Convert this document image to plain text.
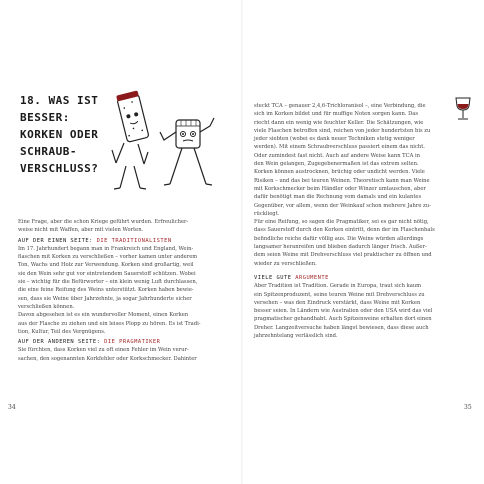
18. WAS IST
BESSER:
KORKEN ODER
SCHRAUB-
VERSCHLUSS?

Eine Frage, aber die schon Kriege geführt wurden. Erfreulicher-

weise nicht mit Waffen, aber mit vielen Worten.

AUF DER EINEN SEITE: DIE TRADITIONALISTEN

Im 17. Jahrhundert begann man in Frankreich und England, Wein-

flaschen mit Korken zu verschließen – vorher kamen unter anderem

Ton, Wachs und Holz zur Verwendung. Korken sind großartig, weil

sie den Wein sehr gut vor eintretendem Sauerstoff schützen. Wobei

sie – wichtig für die Befürworter – ein klein wenig Luft durchlassen,

die eine feine Reifung des Weins unterstützt. Korken haben bewie-

sen, dass sie Weine über Jahrzehnte, ja sogar Jahrhunderte sicher

verschließen können.

Davon abgesehen ist es ein wundervoller Moment, einen Korken

aus der Flasche zu ziehen und ein leises Plopp zu hören. Es ist Tradi-

tion, Kultur, Teil des Vergnügens.

AUF DER ANDEREN SEITE: DIE PRAGMATIKER

Sie fürchten, dass Korken viel zu oft einen Fehler im Wein verur-

sachen, den sogenannten Korkfehler oder Korkschmecker. Dahinter

34

steckt TCA – genauer 2,4,6-Trichloranisol –, eine Verbindung, die

sich im Korken bildet und für muffige Noten sorgen kann. Das

riecht dann ein wenig wie feuchter Keller. Die Schätzungen, wie

viele Flaschen betroffen sind, reichen von jeder hundertsten bis zu

jeder siebten (wobei es dank neuer Techniken stetig weniger

werden). Mit einem Schraubverschluss passiert einem das nicht.

Oder zumindest fast nicht. Auch auf andere Weise kann TCA in

den Wein gelangen, Zugegebenermaßen ist das extrem selten.

Korken können austrocknen, brüchig oder undicht werden. Viele

Risiken – und das bei teuren Weinen. Theoretisch kann man Weine

mit Korkschmecker beim Händler oder Winzer umtauschen, aber

dafür benötigt man die Rechnung vom damals und ein kulantes

Gegenüber, vor allem, wenn der Weinkauf schon mehrere Jahre zu-

rückliegt.

Für eine Reifung, so sagen die Pragmatiker, sei es gar nicht nötig,

dass Sauerstoff durch den Korken eintritt, denn der im Flaschenhals

befindliche reiche dafür völlig aus. Die Weine würden allerdings

langsamer heranreifen und blieben dadurch länger frisch. Außer-

dem seien Weine mit Drehverschluss viel praktischer zu öffnen und

wieder zu verschließen.

VIELE GUTE ARGUMENTE

Aber Tradition ist Tradition. Gerade in Europa, traut sich kaum

ein Spitzenproduzent, seine teuren Weine mit Drehverschluss zu

versehen – was den Eindruck verstärkt, dass Weine mit Korken

besser seien. In Ländern wie Australien oder den USA wird das viel

pragmatischer gehandhabt. Auch Spitzenweine erhalten dort einen

Dreher. Langzeitversuche haben längst bewiesen, dass diese auch

jahrzehntelang verlässlich sind.

35
